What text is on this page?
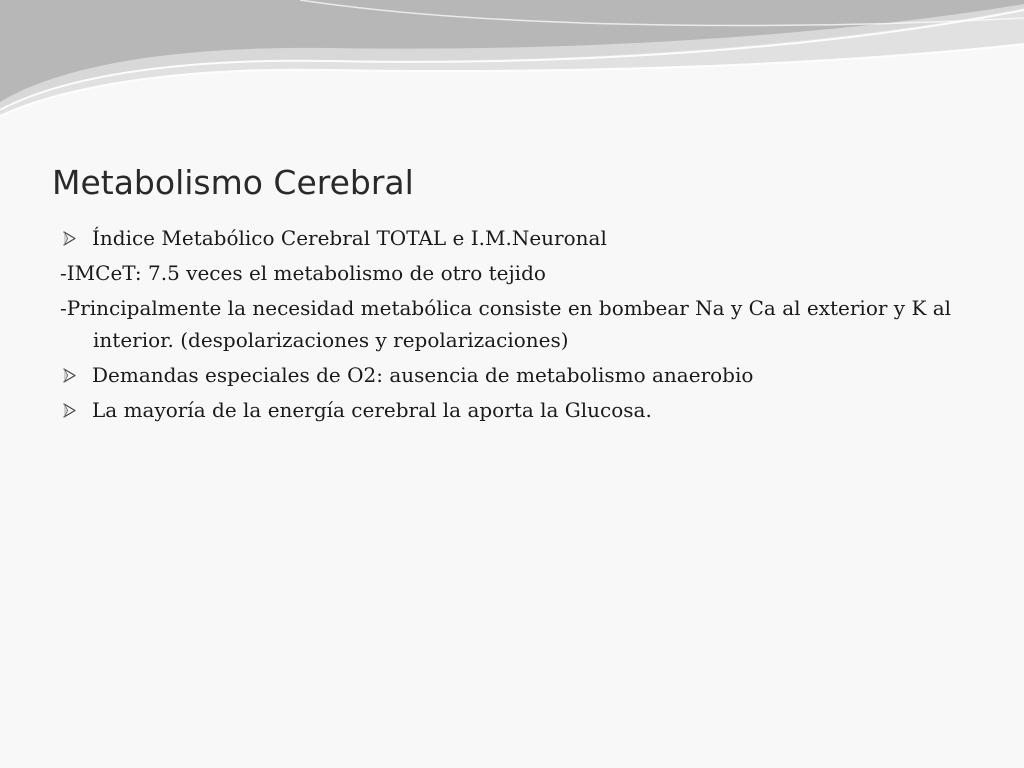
Metabolismo Cerebral
Índice Metabólico Cerebral TOTAL e I.M.Neuronal
-IMCeT: 7.5 veces el metabolismo de otro tejido
-Principalmente la necesidad metabólica consiste en bombear Na y Ca al exterior y K al interior. (despolarizaciones y repolarizaciones)
Demandas especiales de O2: ausencia de metabolismo anaerobio
La mayoría de la energía cerebral la aporta la Glucosa.
